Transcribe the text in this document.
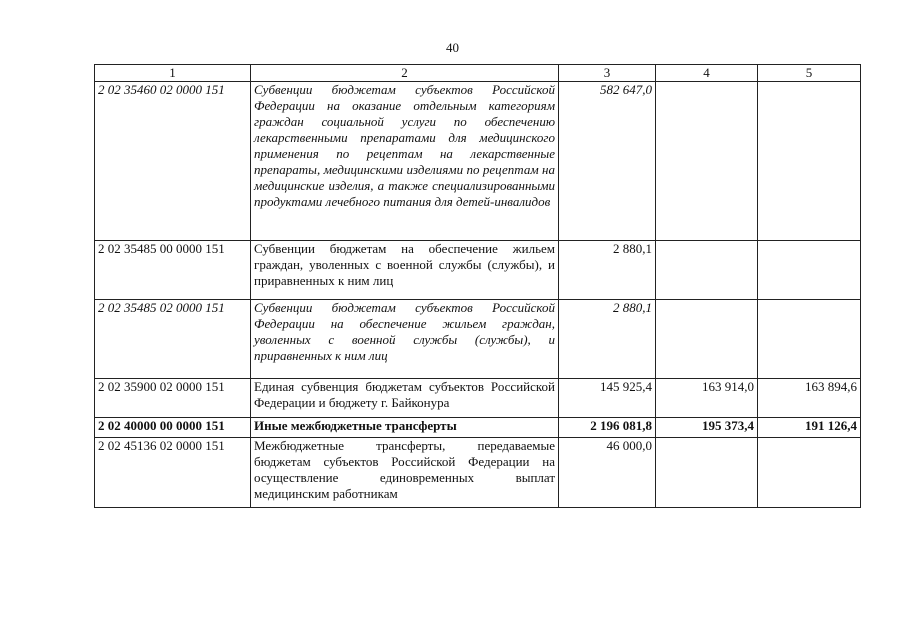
40
1	2	3	4	5
2 02 35460 02 0000 151	Субвенции бюджетам субъектов Российской Федерации на оказание отдельным категориям граждан социальной услуги по обеспечению лекарственными препаратами для медицинского применения по рецептам на лекарственные препараты, медицинскими изделиями по рецептам на медицинские изделия, а также специализированными продуктами лечебного питания для детей-инвалидов	582 647,0		
2 02 35485 00 0000 151	Субвенции бюджетам на обеспечение жильем граждан, уволенных с военной службы (службы), и приравненных к ним лиц	2 880,1		
2 02 35485 02 0000 151	Субвенции бюджетам субъектов Российской Федерации на обеспечение жильем граждан, уволенных с военной службы (службы), и приравненных к ним лиц	2 880,1		
2 02 35900 02 0000 151	Единая субвенция бюджетам субъектов Российской Федерации и бюджету г. Байконура	145 925,4	163 914,0	163 894,6
2 02 40000 00 0000 151	Иные межбюджетные трансферты	2 196 081,8	195 373,4	191 126,4
2 02 45136 02 0000 151	Межбюджетные трансферты, передаваемые бюджетам субъектов Российской Федерации на осуществление единовременных выплат медицинским работникам	46 000,0		
